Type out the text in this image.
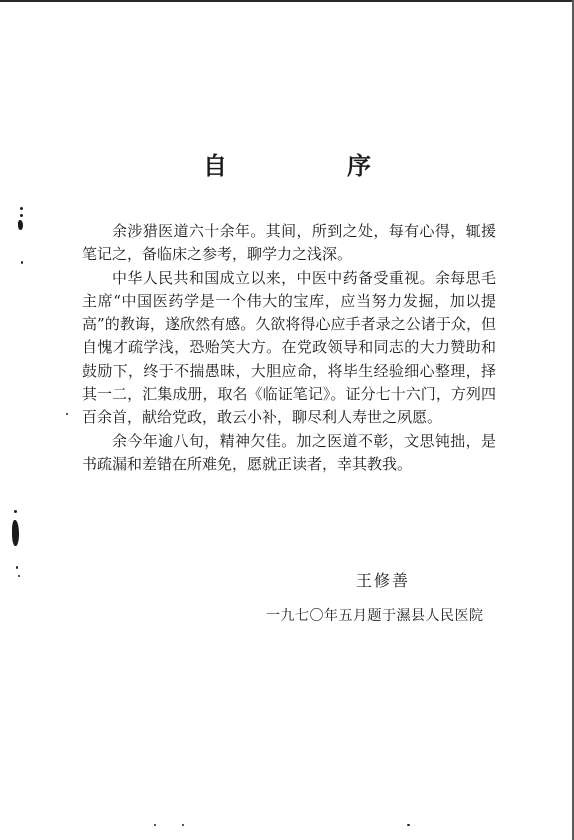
自　序

余涉猎医道六十余年。其间，所到之处，每有心得，辄援笔记之，备临床之参考，聊学力之浅深。

中华人民共和国成立以来，中医中药备受重视。余每思毛主席“中国医药学是一个伟大的宝库，应当努力发掘，加以提高”的教诲，遂欣然有感。久欲将得心应手者录之公诸于众，但自愧才疏学浅，恐贻笑大方。在党政领导和同志的大力赞助和鼓励下，终于不揣愚昧，大胆应命，将毕生经验细心整理，择其一二，汇集成册，取名《临证笔记》。证分七十六门，方列四百余首，献给党政，敢云小补，聊尽利人寿世之夙愿。

余今年逾八旬，精神欠佳。加之医道不彰，文思钝拙，是书疏漏和差错在所难免，愿就正读者，幸其教我。

王修善
一九七〇年五月题于濕县人民医院
